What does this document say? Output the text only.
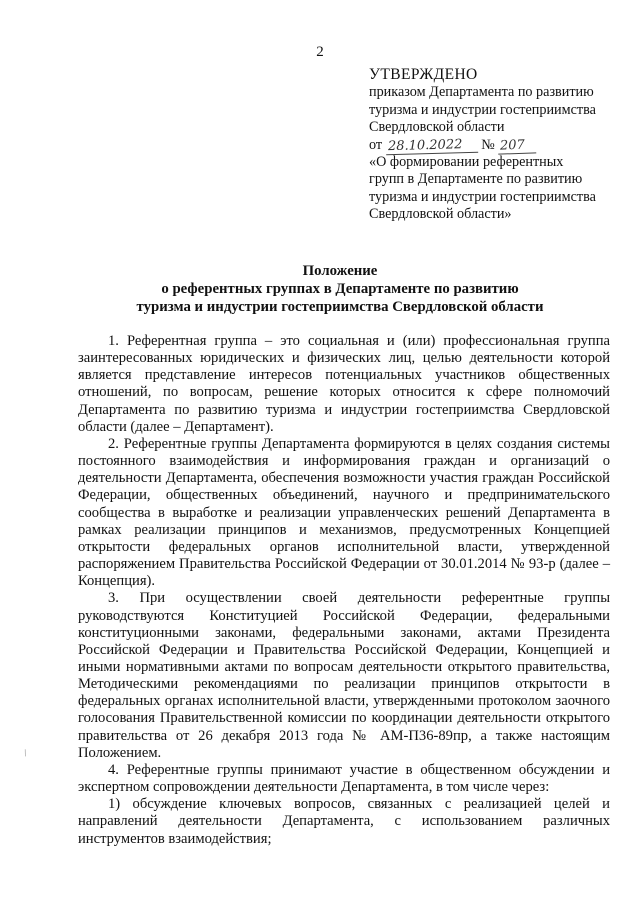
2
УТВЕРЖДЕНО
приказом Департамента по развитию
туризма и индустрии гостеприимства
Свердловской области
от 28.10.2022 № 207
«О формировании референтных
групп в Департаменте по развитию
туризма и индустрии гостеприимства
Свердловской области»
Положение
о референтных группах в Департаменте по развитию
туризма и индустрии гостеприимства Свердловской области

1. Референтная группа – это социальная и (или) профессиональная группа заинтересованных юридических и физических лиц, целью деятельности которой является представление интересов потенциальных участников общественных отношений, по вопросам, решение которых относится к сфере полномочий Департамента по развитию туризма и индустрии гостеприимства Свердловской области (далее – Департамент).

2. Референтные группы Департамента формируются в целях создания системы постоянного взаимодействия и информирования граждан и организаций о деятельности Департамента, обеспечения возможности участия граждан Российской Федерации, общественных объединений, научного и предпринимательского сообщества в выработке и реализации управленческих решений Департамента в рамках реализации принципов и механизмов, предусмотренных Концепцией открытости федеральных органов исполнительной власти, утвержденной распоряжением Правительства Российской Федерации от 30.01.2014 № 93-р (далее – Концепция).

3. При осуществлении своей деятельности референтные группы руководствуются Конституцией Российской Федерации, федеральными конституционными законами, федеральными законами, актами Президента Российской Федерации и Правительства Российской Федерации, Концепцией и иными нормативными актами по вопросам деятельности открытого правительства, Методическими рекомендациями по реализации принципов открытости в федеральных органах исполнительной власти, утвержденными протоколом заочного голосования Правительственной комиссии по координации деятельности открытого правительства от 26 декабря 2013 года № АМ-П36-89пр, а также настоящим Положением.

4. Референтные группы принимают участие в общественном обсуждении и экспертном сопровождении деятельности Департамента, в том числе через:

1) обсуждение ключевых вопросов, связанных с реализацией целей и направлений деятельности Департамента, с использованием различных инструментов взаимодействия;

/
